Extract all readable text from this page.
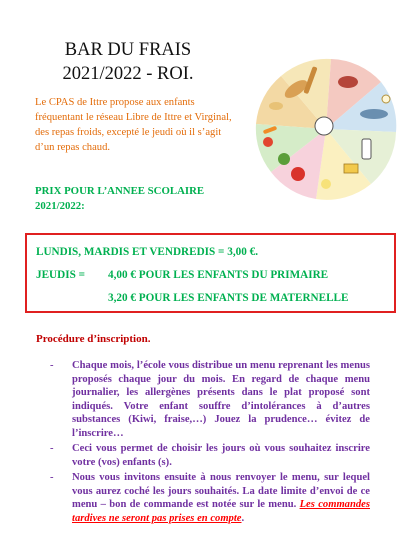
BAR DU FRAIS
2021/2022 - ROI.
Le CPAS de Ittre propose aux enfants fréquentant le réseau Libre de Ittre et Virginal, des repas froids, excepté le jeudi où il s’agit d’un repas chaud.
PRIX POUR L’ANNEE SCOLAIRE
2021/2022:
LUNDIS, MARDIS ET VENDREDIS = 3,00 €.
JEUDIS = 4,00 € POUR LES ENFANTS DU PRIMAIRE
3,20 € POUR LES ENFANTS DE MATERNELLE
Procédure d’inscription.
- Chaque mois, l’école vous distribue un menu reprenant les menus proposés chaque jour du mois. En regard de chaque menu journalier, les allergènes présents dans le plat proposé sont indiqués. Votre enfant souffre d’intolérances à d’autres substances (Kiwi, fraise,…) Jouez la prudence… évitez de l’inscrire…
- Ceci vous permet de choisir les jours où vous souhaitez inscrire votre (vos) enfants (s).
- Nous vous invitons ensuite à nous renvoyer le menu, sur lequel vous aurez coché les jours souhaités. La date limite d’envoi de ce menu – bon de commande est notée sur le menu. Les commandes tardives ne seront pas prises en compte.
